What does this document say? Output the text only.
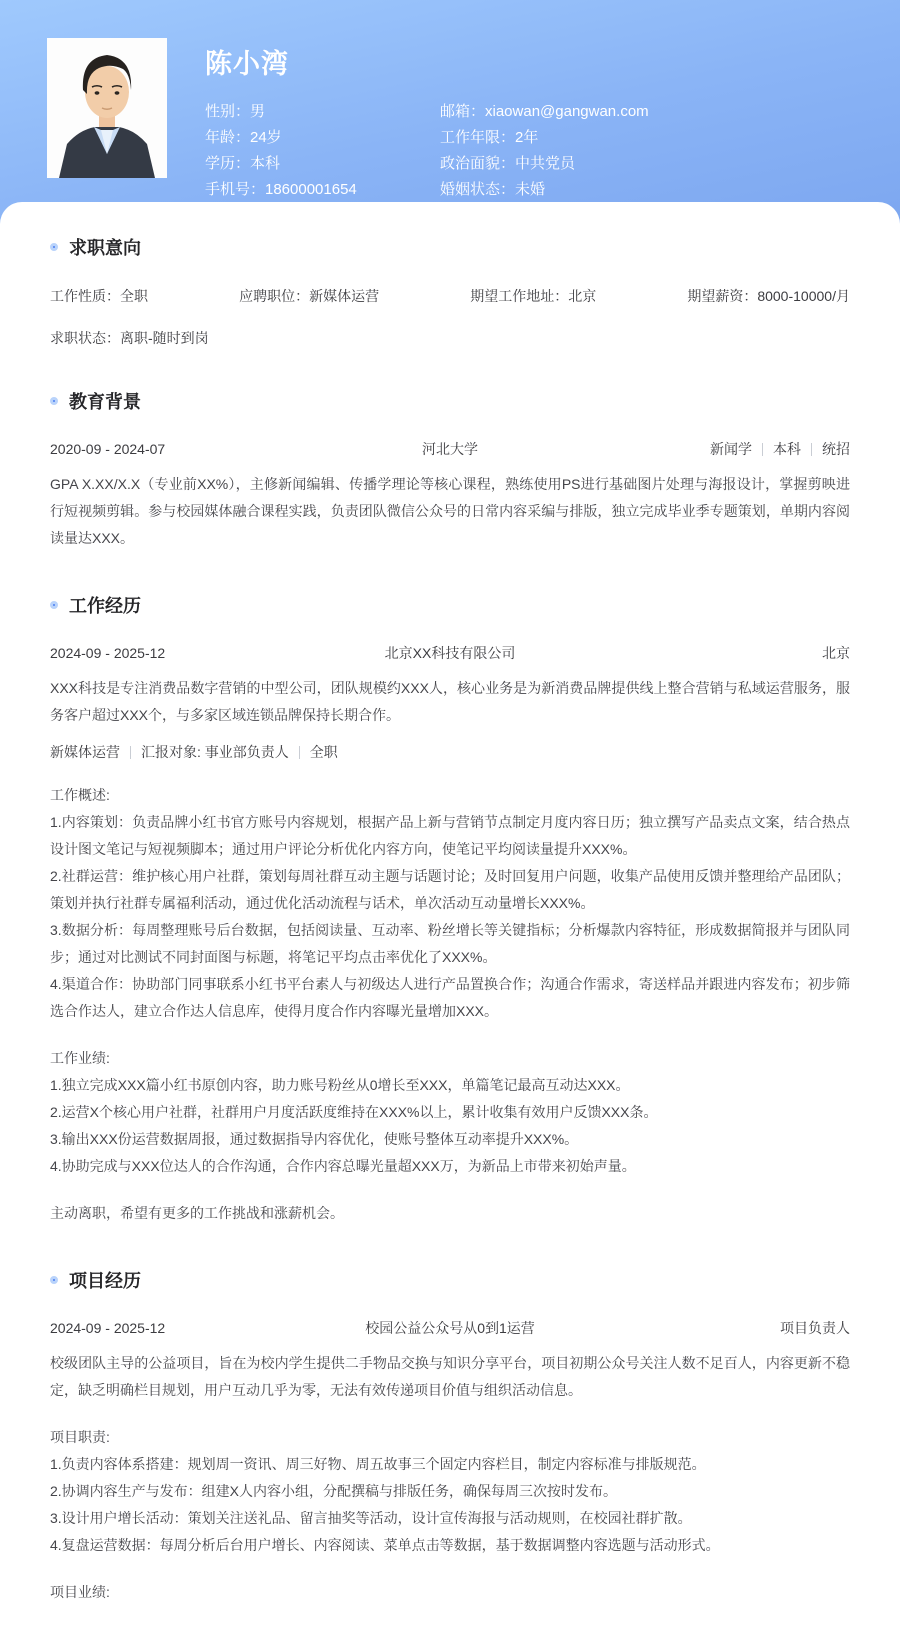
陈小湾
性别：男
年龄：24岁
学历：本科
手机号：18600001654
邮箱：xiaowan@gangwan.com
工作年限：2年
政治面貌：中共党员
婚姻状态：未婚
求职意向
工作性质：全职	应聘职位：新媒体运营	期望工作地址：北京	期望薪资：8000-10000/月
求职状态：离职-随时到岗
教育背景
2020-09 - 2024-07	河北大学	新闻学 本科 统招

GPA X.XX/X.X（专业前XX%），主修新闻编辑、传播学理论等核心课程，熟练使用PS进行基础图片处理与海报设计，掌握剪映进行短视频剪辑。参与校园媒体融合课程实践，负责团队微信公众号的日常内容采编与排版，独立完成毕业季专题策划，单期内容阅读量达XXX。

工作经历
2024-09 - 2025-12	北京XX科技有限公司	北京

XXX科技是专注消费品数字营销的中型公司，团队规模约XXX人，核心业务是为新消费品牌提供线上整合营销与私域运营服务，服务客户超过XXX个，与多家区域连锁品牌保持长期合作。

新媒体运营 汇报对象: 事业部负责人 全职

工作概述:

1.内容策划：负责品牌小红书官方账号内容规划，根据产品上新与营销节点制定月度内容日历；独立撰写产品卖点文案，结合热点设计图文笔记与短视频脚本；通过用户评论分析优化内容方向，使笔记平均阅读量提升XXX%。

2.社群运营：维护核心用户社群，策划每周社群互动主题与话题讨论；及时回复用户问题，收集产品使用反馈并整理给产品团队；策划并执行社群专属福利活动，通过优化活动流程与话术，单次活动互动量增长XXX%。

3.数据分析：每周整理账号后台数据，包括阅读量、互动率、粉丝增长等关键指标；分析爆款内容特征，形成数据简报并与团队同步；通过对比测试不同封面图与标题，将笔记平均点击率优化了XXX%。

4.渠道合作：协助部门同事联系小红书平台素人与初级达人进行产品置换合作；沟通合作需求，寄送样品并跟进内容发布；初步筛选合作达人，建立合作达人信息库，使得月度合作内容曝光量增加XXX。

工作业绩:

1.独立完成XXX篇小红书原创内容，助力账号粉丝从0增长至XXX，单篇笔记最高互动达XXX。

2.运营X个核心用户社群，社群用户月度活跃度维持在XXX%以上，累计收集有效用户反馈XXX条。

3.输出XXX份运营数据周报，通过数据指导内容优化，使账号整体互动率提升XXX%。

4.协助完成与XXX位达人的合作沟通，合作内容总曝光量超XXX万，为新品上市带来初始声量。

主动离职，希望有更多的工作挑战和涨薪机会。

项目经历
2024-09 - 2025-12	校园公益公众号从0到1运营	项目负责人

校级团队主导的公益项目，旨在为校内学生提供二手物品交换与知识分享平台，项目初期公众号关注人数不足百人，内容更新不稳定，缺乏明确栏目规划，用户互动几乎为零，无法有效传递项目价值与组织活动信息。

项目职责:

1.负责内容体系搭建：规划周一资讯、周三好物、周五故事三个固定内容栏目，制定内容标准与排版规范。

2.协调内容生产与发布：组建X人内容小组，分配撰稿与排版任务，确保每周三次按时发布。

3.设计用户增长活动：策划关注送礼品、留言抽奖等活动，设计宣传海报与活动规则，在校园社群扩散。

4.复盘运营数据：每周分析后台用户增长、内容阅读、菜单点击等数据，基于数据调整内容选题与活动形式。

项目业绩:
